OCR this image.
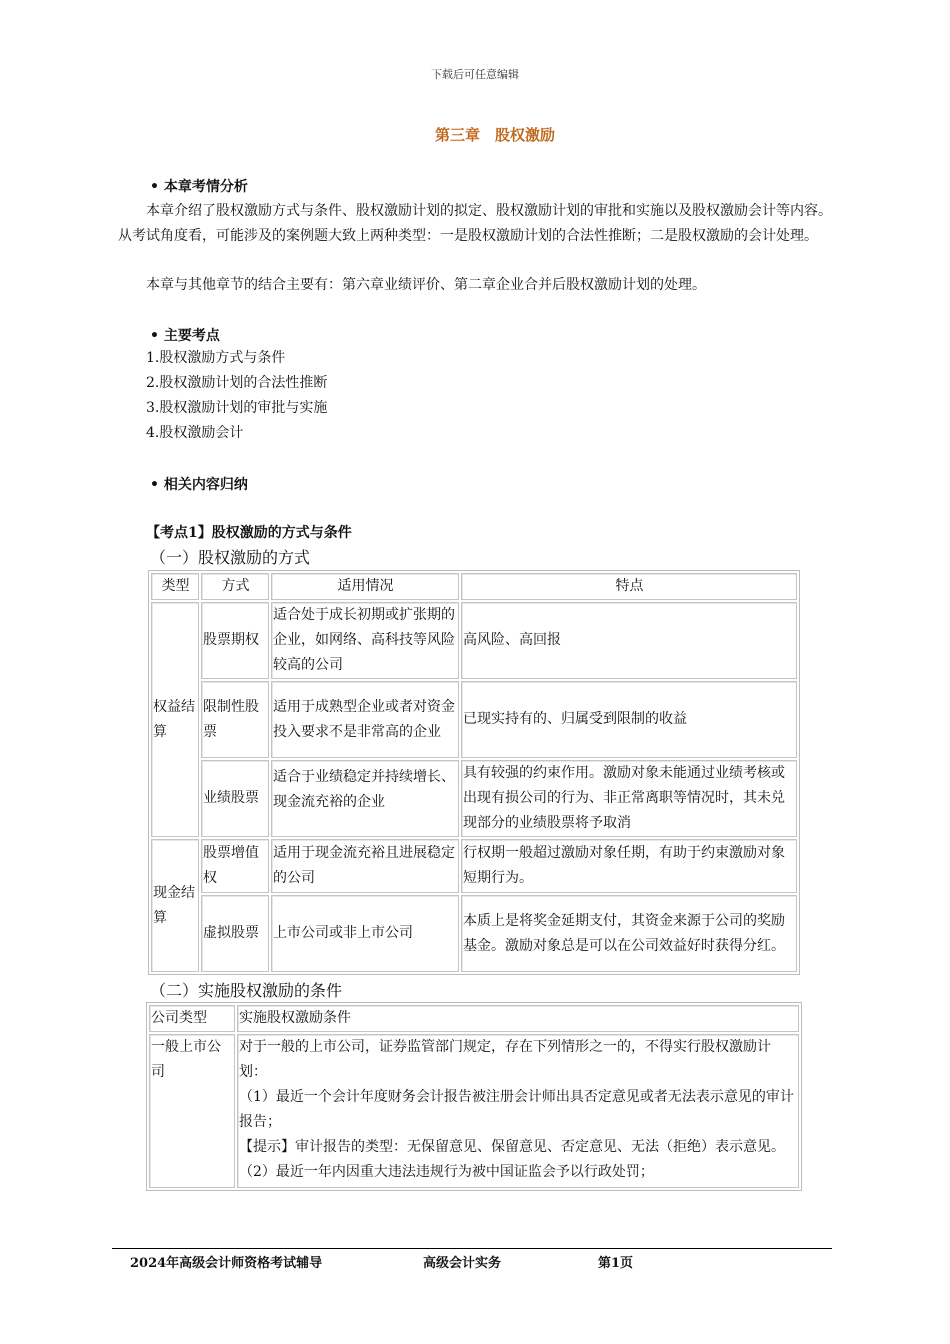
下载后可任意编辑
第三章　股权激励
• 本章考情分析
本章介绍了股权激励方式与条件、股权激励计划的拟定、股权激励计划的审批和实施以及股权激励会计等内容。从考试角度看，可能涉及的案例题大致上两种类型：一是股权激励计划的合法性推断；二是股权激励的会计处理。
本章与其他章节的结合主要有：第六章业绩评价、第二章企业合并后股权激励计划的处理。
• 主要考点
1.股权激励方式与条件
2.股权激励计划的合法性推断
3.股权激励计划的审批与实施
4.股权激励会计
• 相关内容归纳
【考点1】股权激励的方式与条件
（一）股权激励的方式
类型	方式	适用情况	特点
权益结算	股票期权	适合处于成长初期或扩张期的企业，如网络、高科技等风险较高的公司	高风险、高回报
	限制性股票	适用于成熟型企业或者对资金投入要求不是非常高的企业	已现实持有的、归属受到限制的收益
	业绩股票	适合于业绩稳定并持续增长、现金流充裕的企业	具有较强的约束作用。激励对象未能通过业绩考核或出现有损公司的行为、非正常离职等情况时，其未兑现部分的业绩股票将予取消
现金结算	股票增值权	适用于现金流充裕且进展稳定的公司	行权期一般超过激励对象任期，有助于约束激励对象短期行为。
	虚拟股票	上市公司或非上市公司	本质上是将奖金延期支付，其资金来源于公司的奖励基金。激励对象总是可以在公司效益好时获得分红。
（二）实施股权激励的条件
公司类型	实施股权激励条件
一般上市公司	对于一般的上市公司，证券监管部门规定，存在下列情形之一的，不得实行股权激励计划：
（1）最近一个会计年度财务会计报告被注册会计师出具否定意见或者无法表示意见的审计报告；
【提示】审计报告的类型：无保留意见、保留意见、否定意见、无法（拒绝）表示意见。
（2）最近一年内因重大违法违规行为被中国证监会予以行政处罚；
2024年高级会计师资格考试辅导	高级会计实务	第1页
